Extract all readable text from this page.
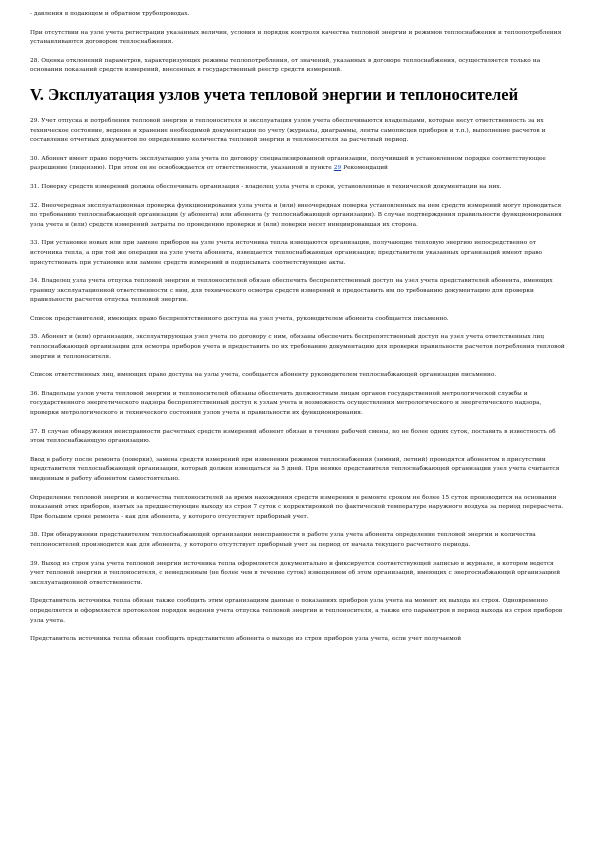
- давления в подающем и обратном трубопроводах.

При отсутствии на узле учета регистрации указанных величин, условия и порядок контроля качества тепловой энергии и режимов теплоснабжения и теплопотребления устанавливаются договором теплоснабжения.

28. Оценка отклонений параметров, характеризующих режимы теплопотребления, от значений, указанных в договоре теплоснабжения, осуществляется только на основании показаний средств измерений, внесенных в государственный реестр средств измерений.

V. Эксплуатация узлов учета тепловой энергии и теплоносителей

29. Учет отпуска и потребления тепловой энергии и теплоносителя и эксплуатация узлов учета обеспечиваются владельцами, которые несут ответственность за их техническое состояние, ведение и хранение необходимой документации по учету (журналы, диаграммы, ленты самописцев приборов и т.п.), выполнение расчетов и составление отчетных документов по определению количества тепловой энергии и теплоносителя за расчетный период.

30. Абонент имеет право поручить эксплуатацию узла учета по договору специализированной организации, получившей в установленном порядке соответствующее разрешение (лицензию). При этом он не освобождается от ответственности, указанной в пункте 29 Рекомендаций

31. Поверку средств измерений должна обеспечивать организация - владелец узла учета в сроки, установленные в технической документации на них.

32. Внеочередная эксплуатационная проверка функционирования узла учета и (или) внеочередная поверка установленных на нем средств измерений могут проводиться по требованию теплоснабжающей организации (у абонента) или абонента (у теплоснабжающей организации). В случае подтверждения правильности функционирования узла учета и (или) средств измерений затраты по проведению проверки и (или) поверки несет инициировавшая их сторона.

33. При установке новых или при замене приборов на узле учета источника тепла извещаются организации, получающие тепловую энергию непосредственно от источника тепла, а при той же операции на узле учета абонента, извещается теплоснабжающая организация; представители указанных организаций имеют право присутствовать при установке или замене средств измерений и подписывать соответствующие акты.

34. Владелец узла учета отпуска тепловой энергии и теплоносителей обязан обеспечить беспрепятственный доступ на узел учета представителей абонента, имеющих границу эксплуатационной ответственности с ним, для технического осмотра средств измерений и предоставить им по требованию документацию для проверки правильности расчетов отпуска тепловой энергии.

Список представителей, имеющих право беспрепятственного доступа на узел учета, руководителем абонента сообщается письменно.

35. Абонент и (или) организация, эксплуатирующая узел учета по договору с ним, обязаны обеспечить беспрепятственный доступ на узел учета ответственных лиц теплоснабжающей организации для осмотра приборов учета и предоставить по их требованию документацию для проверки правильности расчетов потребления тепловой энергии и теплоносителя.

Список ответственных лиц, имеющих право доступа на узлы учета, сообщается абоненту руководителем теплоснабжающей организации письменно.

36. Владельцы узлов учета тепловой энергии и теплоносителей обязаны обеспечить должностным лицам органов государственной метрологической службы и государственного энергетического надзора беспрепятственный доступ к узлам учета и возможность осуществления метрологического и энергетического надзора, проверки метрологического и технического состояния узлов учета и правильности их функционирования.

37. В случае обнаружения неисправности расчетных средств измерений абонент обязан в течение рабочей смены, но не более одних суток, поставить в известность об этом теплоснабжающую организацию.

Ввод в работу после ремонта (поверки), замена средств измерений при изменении режимов теплоснабжения (зимний, летний) проводятся абонентом в присутствии представителя теплоснабжающей организации, который должен извещаться за 5 дней. При неявке представителя теплоснабжающей организации узел учета считается введенным в работу абонентом самостоятельно.

Определение тепловой энергии и количества теплоносителей за время нахождения средств измерения в ремонте сроком не более 15 суток производится на основании показаний этих приборов, взятых за предшествующие выходу из строя 7 суток с корректировкой по фактической температуре наружного воздуха за период перерасчета. При большем сроке ремонта - как для абонента, у которого отсутствует приборный учет.

38. При обнаружении представителем теплоснабжающей организации неисправности в работе узла учета абонента определение тепловой энергии и количества теплоносителей производится как для абонента, у которого отсутствует приборный учет за период от начала текущего расчетного периода.

39. Выход из строя узла учета тепловой энергии источника тепла оформляется документально и фиксируется соответствующей записью в журнале, в котором ведется учет тепловой энергии и теплоносителя, с немедленным (не более чем в течение суток) извещением об этом организаций, имеющих с энергоснабжающей организацией эксплуатационной ответственности.

Представитель источника тепла обязан также сообщить этим организациям данные о показаниях приборов узла учета на момент их выхода из строя. Одновременно определяется и оформляется протоколом порядок ведения учета отпуска тепловой энергии и теплоносителя, а также его параметров в период выхода из строя приборов узла учета.

Представитель источника тепла обязан сообщить представителю абонента о выходе из строя приборов узла учета, если учет получаемой
